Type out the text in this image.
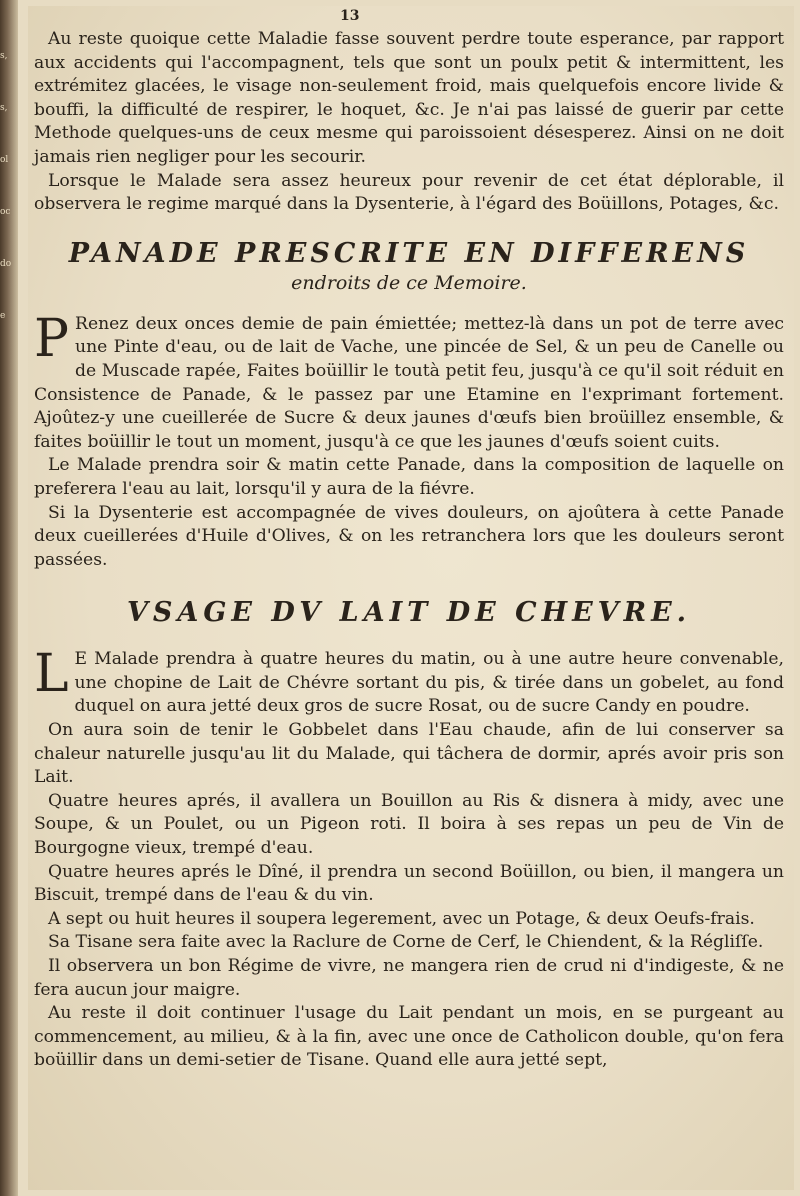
s,
s,
ol
oc
do
e
13

Au reste quoique cette Maladie fasse souvent perdre toute esperance, par rapport aux accidents qui l'accompagnent, tels que sont un poulx petit & intermittent, les extrémitez glacées, le visage non-seulement froid, mais quelquefois encore livide & bouffi, la difficulté de respirer, le hoquet, &c. Je n'ai pas laissé de guerir par cette Methode quelques-uns de ceux mesme qui paroissoient désesperez. Ainsi on ne doit jamais rien negliger pour les secourir.

Lorsque le Malade sera assez heureux pour revenir de cet état déplorable, il observera le regime marqué dans la Dysenterie, à l'égard des Boüillons, Potages, &c.

PANADE PRESCRITE EN DIFFERENS
endroits de ce Memoire.

P Renez deux onces demie de pain émiettée; mettez-là dans un pot de terre avec une Pinte d'eau, ou de lait de Vache, une pincée de Sel, & un peu de Canelle ou de Muscade rapée, Faites boüillir le toutà petit feu, jusqu'à ce qu'il soit réduit en Consistence de Panade, & le passez par une Etamine en l'exprimant fortement. Ajoûtez-y une cueillerée de Sucre & deux jaunes d'œufs bien broüillez ensemble, & faites boüillir le tout un moment, jusqu'à ce que les jaunes d'œufs soient cuits.

Le Malade prendra soir & matin cette Panade, dans la composition de laquelle on preferera l'eau au lait, lorsqu'il y aura de la fiévre.

Si la Dysenterie est accompagnée de vives douleurs, on ajoûtera à cette Panade deux cueillerées d'Huile d'Olives, & on les retranchera lors que les douleurs seront passées.

VSAGE DV LAIT DE CHEVRE.

L E Malade prendra à quatre heures du matin, ou à une autre heure convenable, une chopine de Lait de Chévre sortant du pis, & tirée dans un gobelet, au fond duquel on aura jetté deux gros de sucre Rosat, ou de sucre Candy en poudre.

On aura soin de tenir le Gobbelet dans l'Eau chaude, afin de lui conserver sa chaleur naturelle jusqu'au lit du Malade, qui tâchera de dormir, aprés avoir pris son Lait.

Quatre heures aprés, il avallera un Bouillon au Ris & disnera à midy, avec une Soupe, & un Poulet, ou un Pigeon roti. Il boira à ses repas un peu de Vin de Bourgogne vieux, trempé d'eau.

Quatre heures aprés le Dîné, il prendra un second Boüillon, ou bien, il mangera un Biscuit, trempé dans de l'eau & du vin.

A sept ou huit heures il soupera legerement, avec un Potage, & deux Oeufs-frais.

Sa Tisane sera faite avec la Raclure de Corne de Cerf, le Chiendent, & la Régliſſe.

Il observera un bon Régime de vivre, ne mangera rien de crud ni d'indigeste, & ne fera aucun jour maigre.

Au reste il doit continuer l'usage du Lait pendant un mois, en se purgeant au commencement, au milieu, & à la fin, avec une once de Catholicon double, qu'on fera boüillir dans un demi-setier de Tisane. Quand elle aura jetté sept,
